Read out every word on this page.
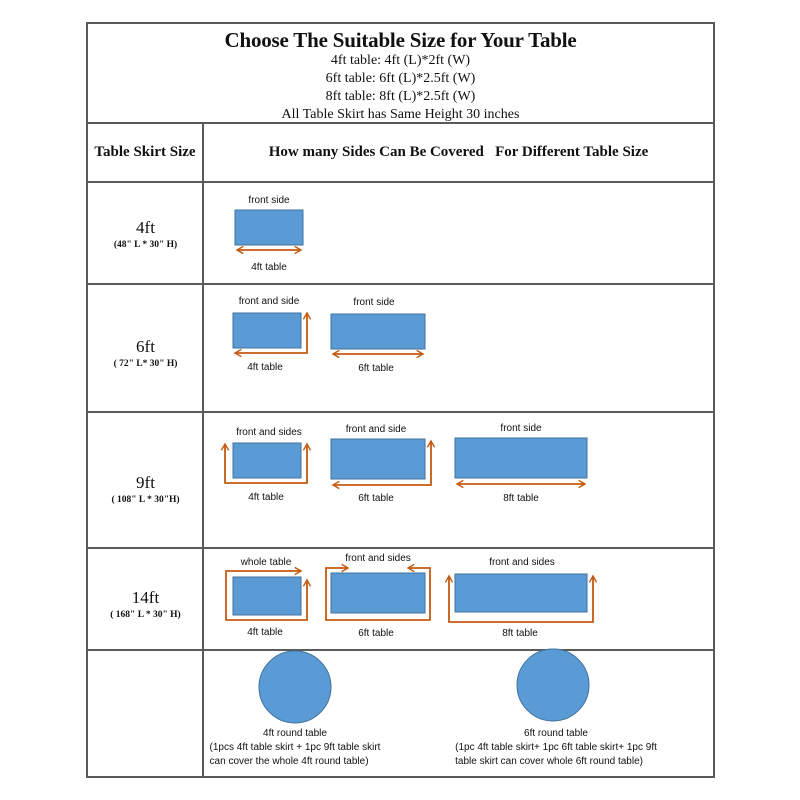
Choose The Suitable Size for Your Table
4ft table: 4ft (L)*2ft (W)
6ft table: 6ft (L)*2.5ft (W)
8ft table: 8ft (L)*2.5ft (W)
All Table Skirt has Same Height 30 inches
Table Skirt Size	How many Sides Can Be Covered   For Different Table Size
4ft
(48" L * 30" H)
6ft
( 72" L* 30" H)
9ft
( 108" L * 30"H)
14ft
( 168" L * 30" H)
front side
4ft table
front and side
4ft table
front side
6ft table
front and sides
4ft table
front and side
6ft table
front side
8ft table
whole table
4ft table
front and sides
6ft table
front and sides
8ft table
4ft round table
(1pcs 4ft table skirt + 1pc 9ft table skirt
can cover the whole 4ft round table)
6ft round table
(1pc 4ft table skirt+ 1pc 6ft table skirt+ 1pc 9ft
table skirt can cover whole 6ft round table)
